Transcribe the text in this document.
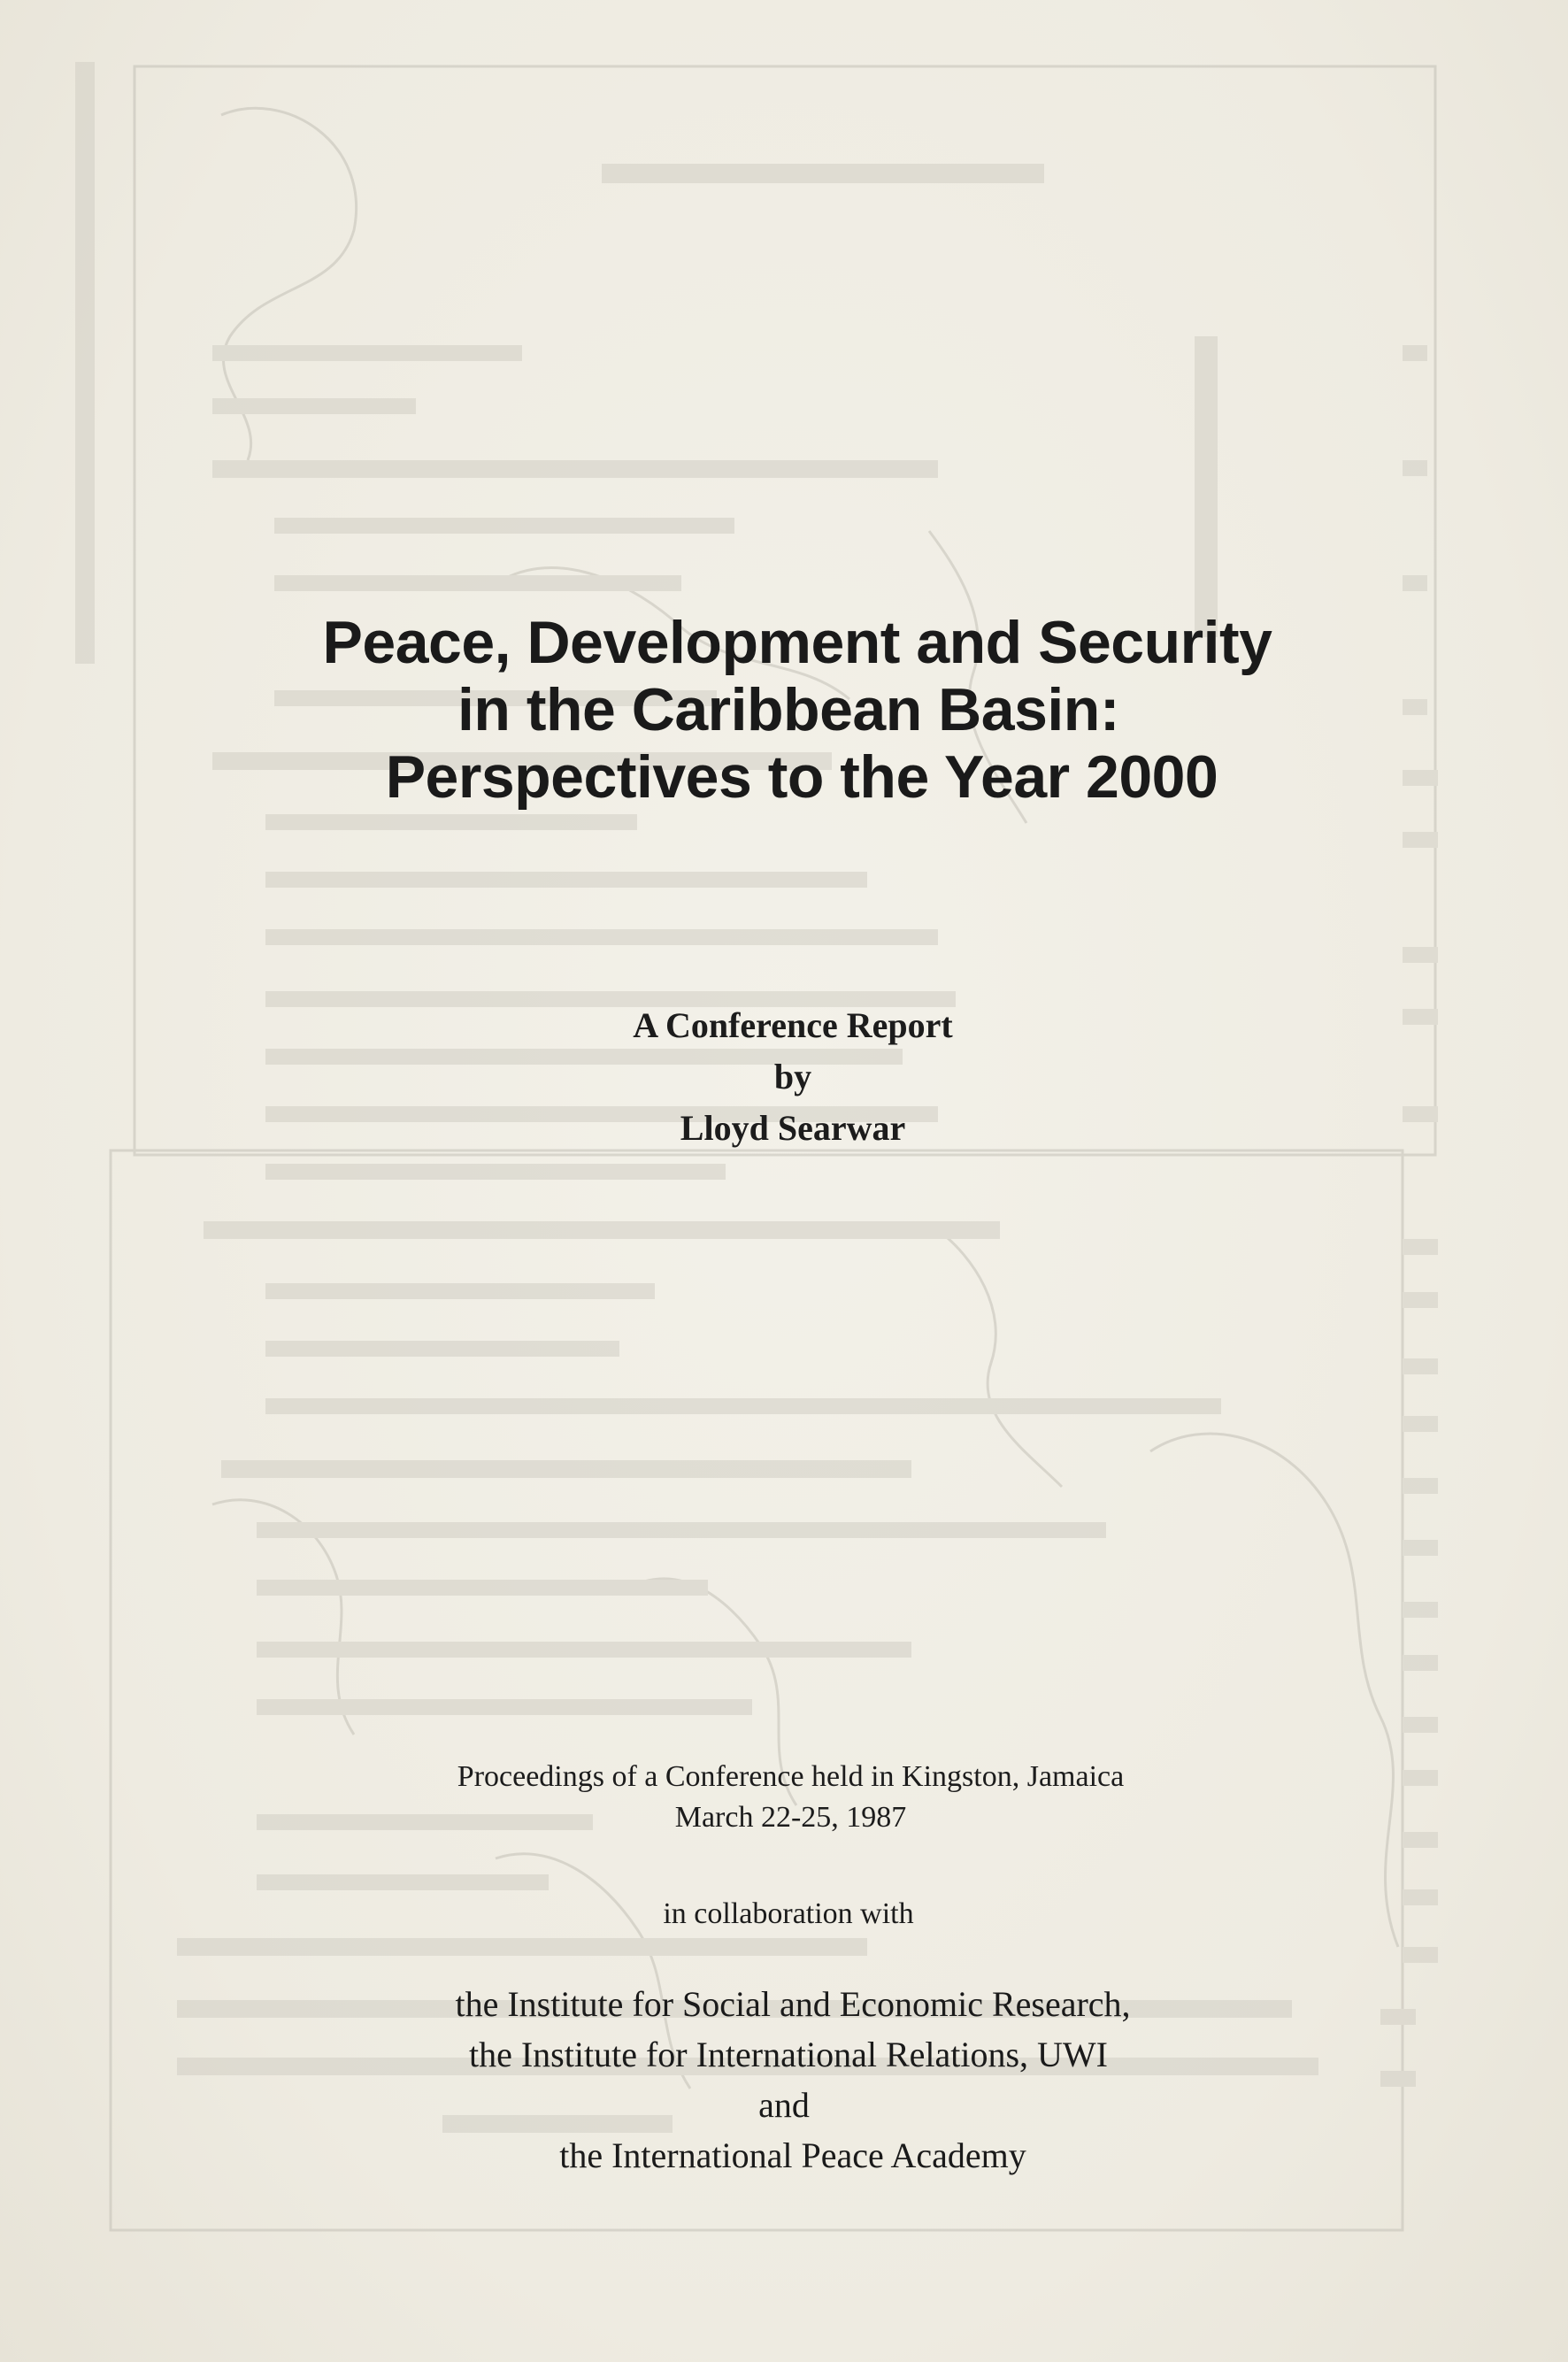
Peace, Development and Security
in the Caribbean Basin:
Perspectives to the Year 2000
A Conference Report
by
Lloyd Searwar
Proceedings of a Conference held in Kingston, Jamaica
March 22-25, 1987
in collaboration with
the Institute for Social and Economic Research,
the Institute for International Relations, UWI
and
the International Peace Academy
